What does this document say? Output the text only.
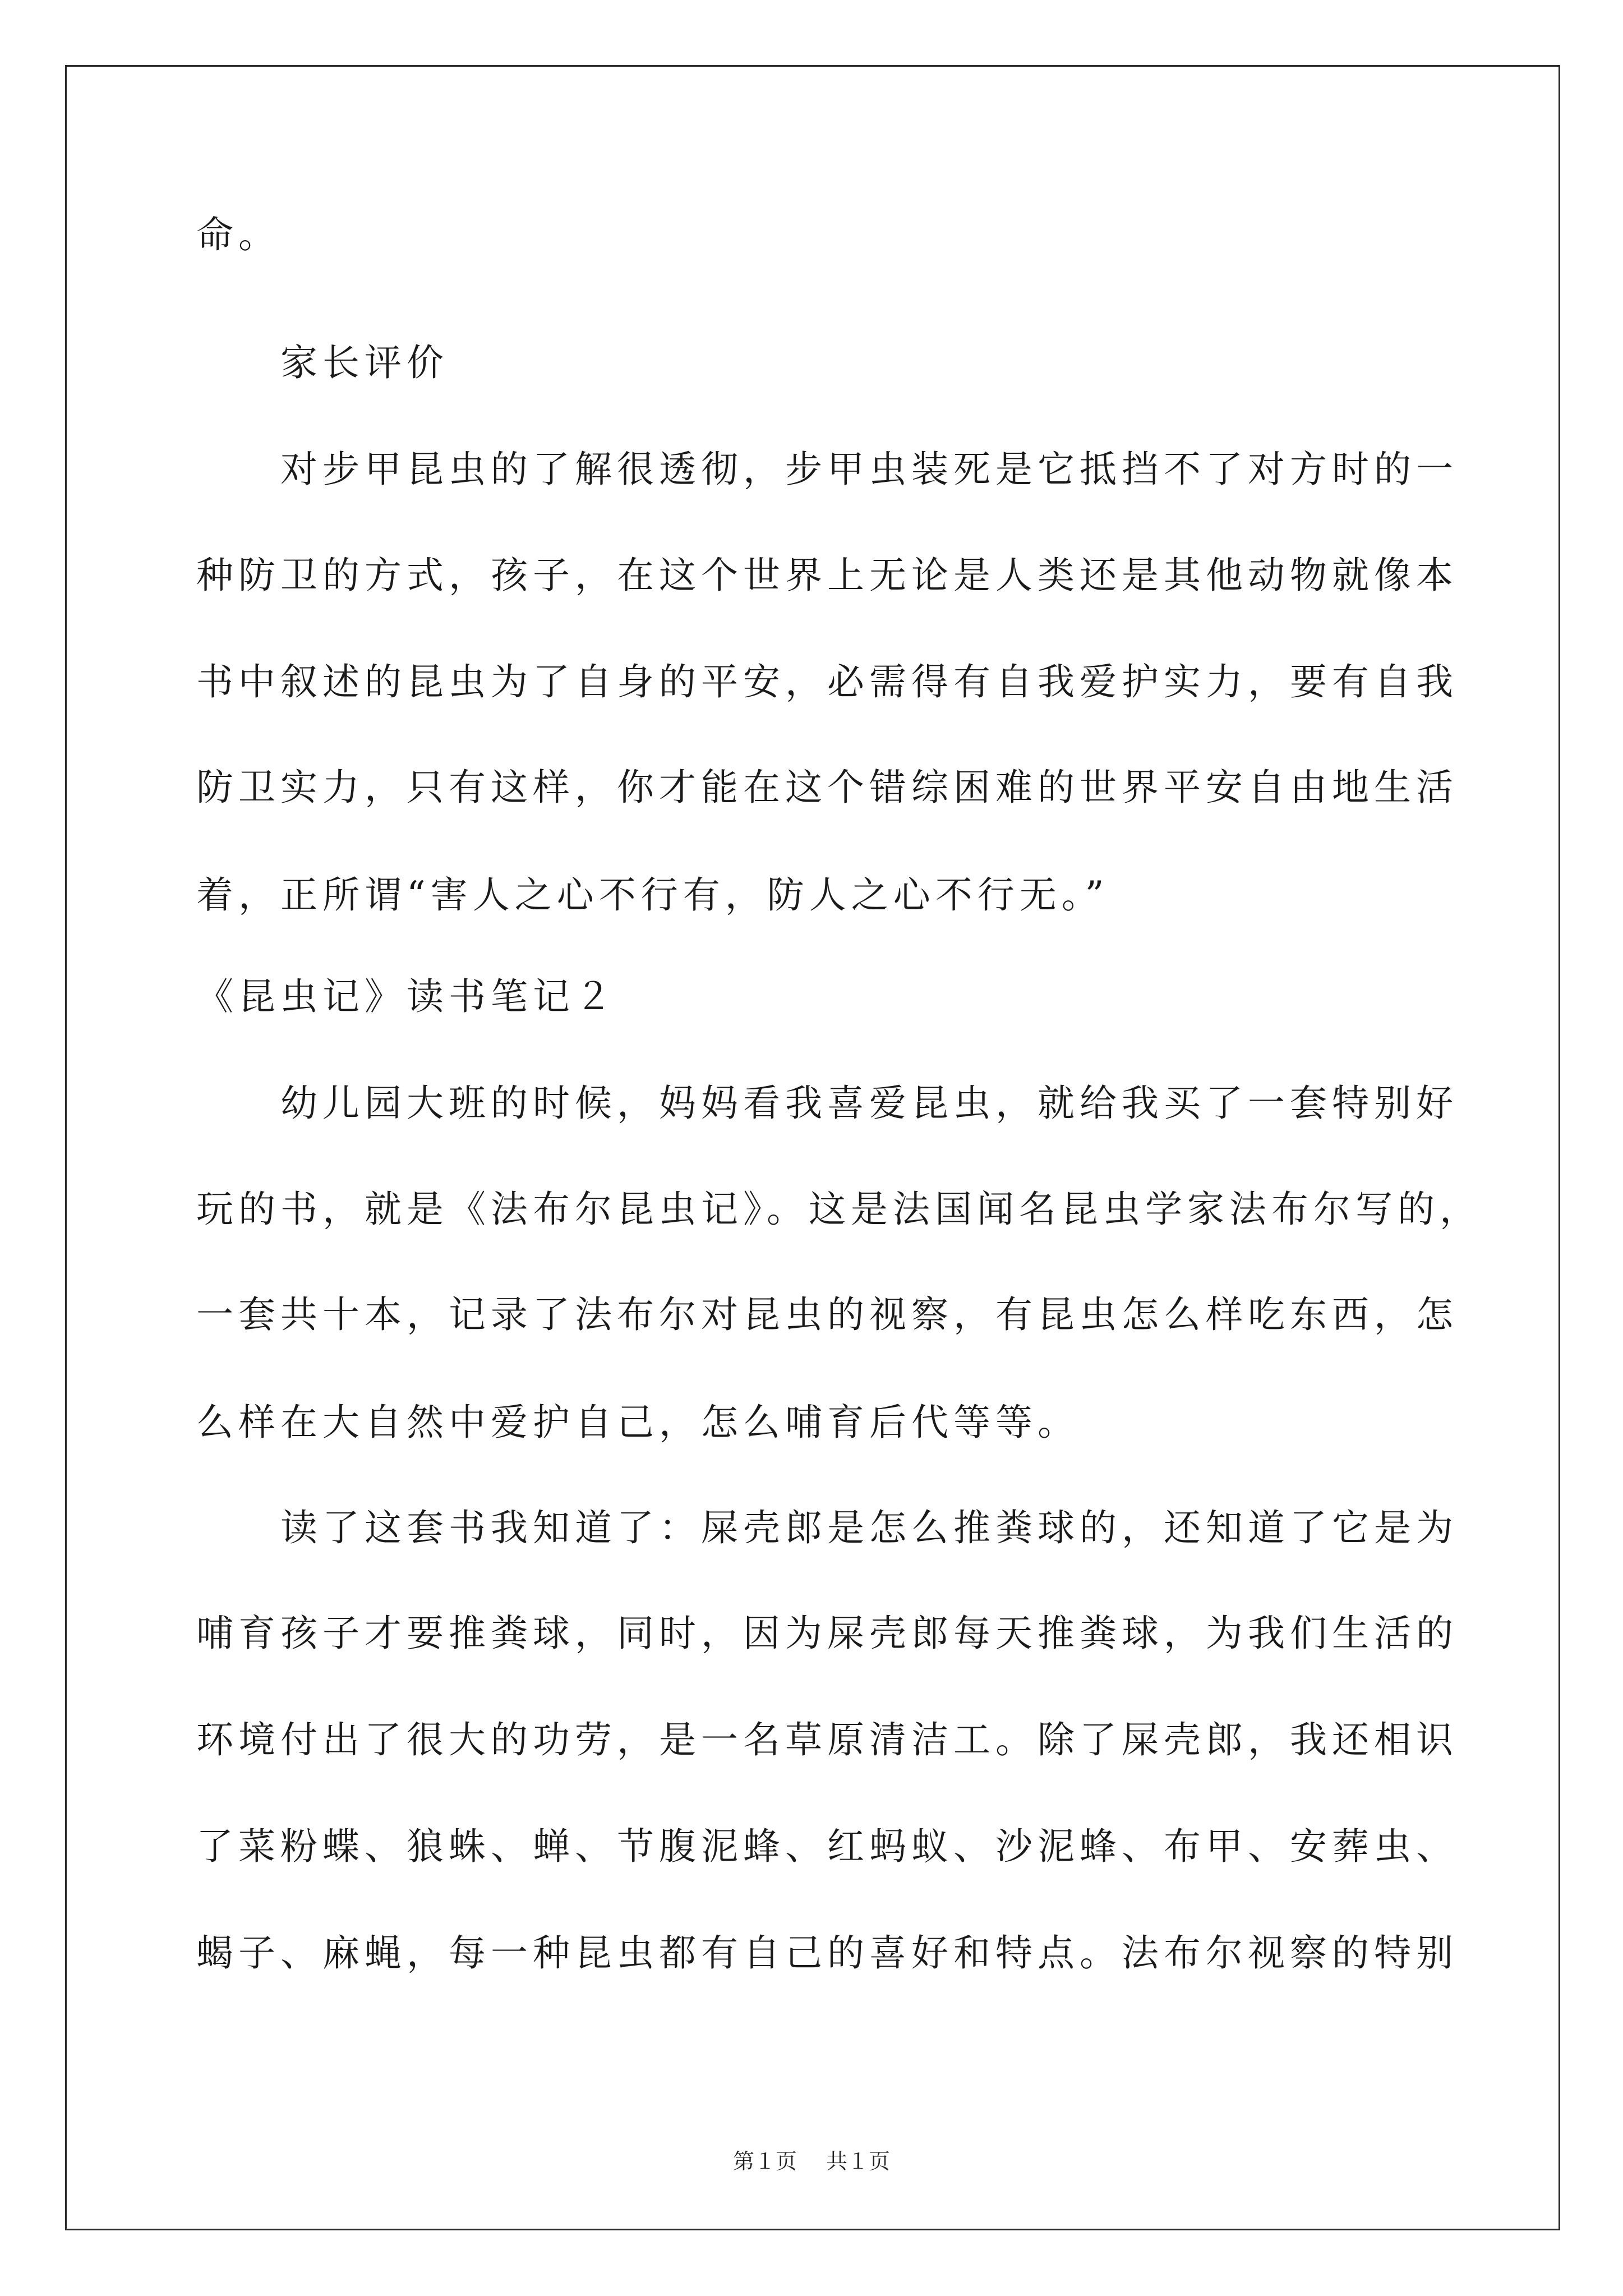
命。
家长评价
对步甲昆虫的了解很透彻，步甲虫装死是它抵挡不了对方时的一
种防卫的方式，孩子，在这个世界上无论是人类还是其他动物就像本
书中叙述的昆虫为了自身的平安，必需得有自我爱护实力，要有自我
防卫实力，只有这样，你才能在这个错综困难的世界平安自由地生活
着，正所谓“害人之心不行有，防人之心不行无。”
《昆虫记》读书笔记２
幼儿园大班的时候，妈妈看我喜爱昆虫，就给我买了一套特别好
玩的书，就是《法布尔昆虫记》。这是法国闻名昆虫学家法布尔写的，
一套共十本，记录了法布尔对昆虫的视察，有昆虫怎么样吃东西，怎
么样在大自然中爱护自己，怎么哺育后代等等。
读了这套书我知道了：屎壳郎是怎么推粪球的，还知道了它是为
哺育孩子才要推粪球，同时，因为屎壳郎每天推粪球，为我们生活的
环境付出了很大的功劳，是一名草原清洁工。除了屎壳郎，我还相识
了菜粉蝶、狼蛛、蝉、节腹泥蜂、红蚂蚁、沙泥蜂、布甲、安葬虫、
蝎子、麻蝇，每一种昆虫都有自己的喜好和特点。法布尔视察的特别
第１页 共１页
